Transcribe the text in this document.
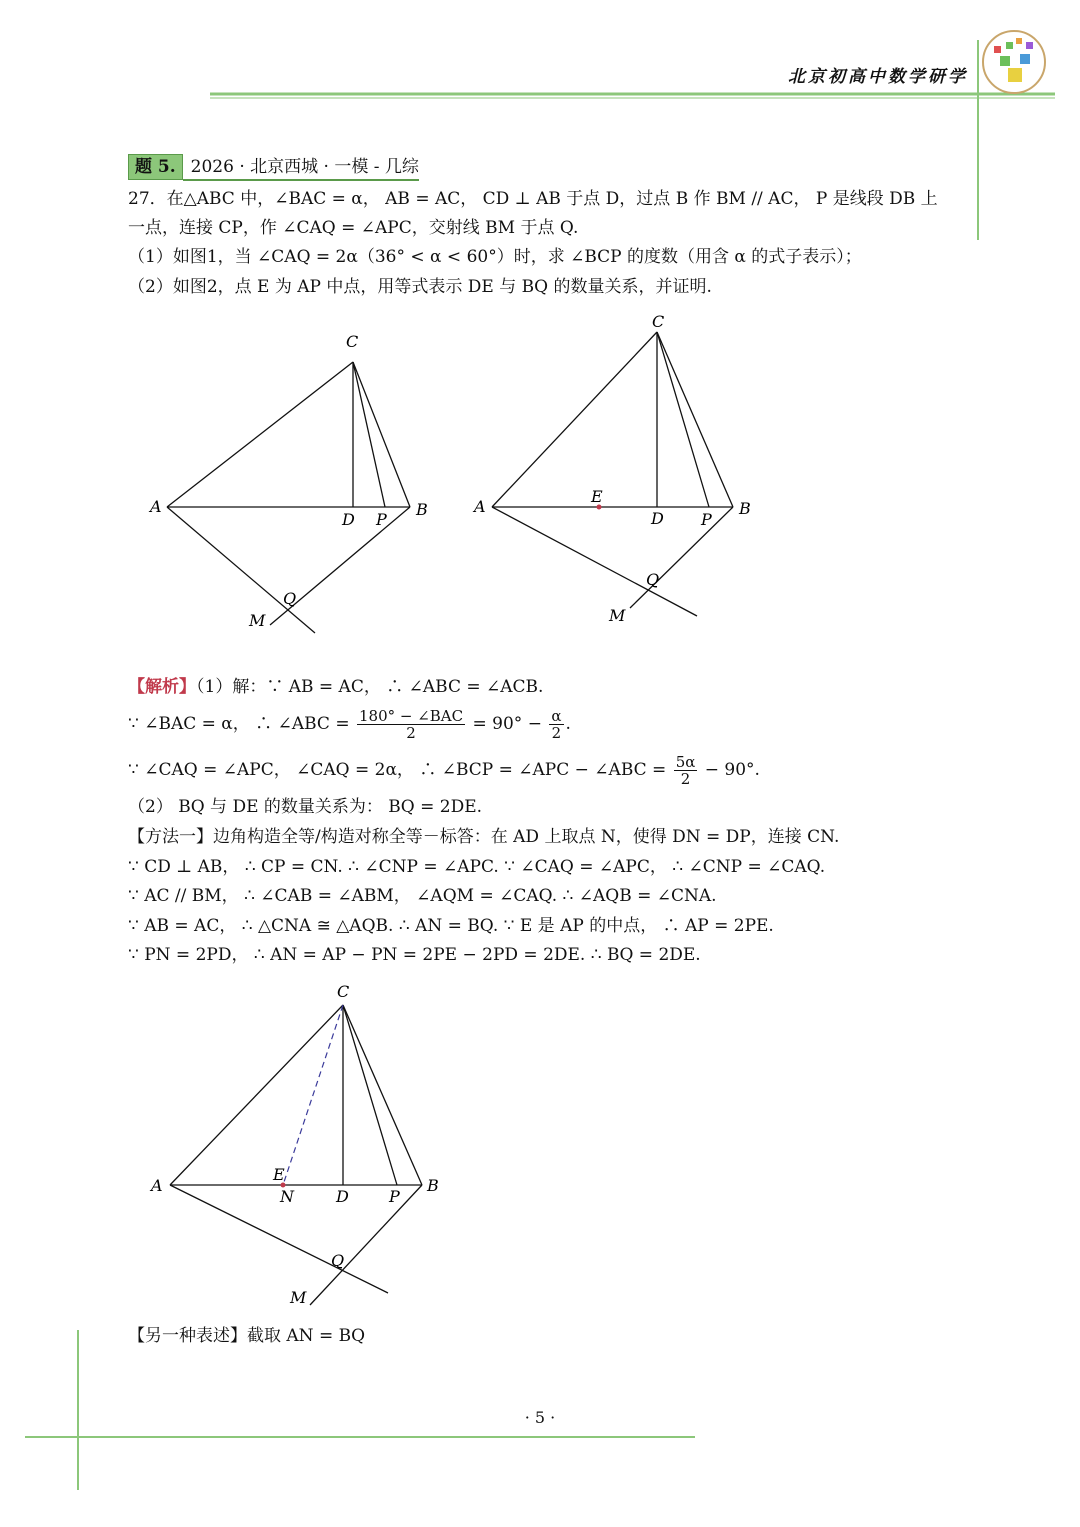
北京初高中数学研学
题 5. 2026 · 北京西城 · 一模 - 几综
27．在△ABC 中，∠BAC = α， AB = AC， CD ⊥ AB 于点 D，过点 B 作 BM // AC， P 是线段 DB 上
一点，连接 CP，作 ∠CAQ = ∠APC，交射线 BM 于点 Q.
（1）如图1，当 ∠CAQ = 2α（36° < α < 60°）时，求 ∠BCP 的度数（用含 α 的式子表示）；
（2）如图2，点 E 为 AP 中点，用等式表示 DE 与 BQ 的数量关系，并证明.
C
A
D P
B
Q
M
C
A
E
D P
B
Q
M
【解析】（1）解：∵ AB = AC， ∴ ∠ABC = ∠ACB.
∵ ∠BAC = α， ∴ ∠ABC = $\frac{\text{180° − ∠BAC}}{2} = 90^\circ - \frac{\alpha}{2}$ .
∵ ∠CAQ = ∠APC， ∠CAQ = 2α， ∴ ∠BCP = ∠APC − ∠ABC = $\frac{5\alpha}{2} - 90^\circ$.
（2） BQ 与 DE 的数量关系为： BQ = 2DE.
【方法一】边角构造全等/构造对称全等－标答：在 AD 上取点 N，使得 DN = DP，连接 CN.
∵ CD ⊥ AB， ∴ CP = CN. ∴ ∠CNP = ∠APC. ∵ ∠CAQ = ∠APC， ∴ ∠CNP = ∠CAQ.
∵ AC // BM， ∴ ∠CAB = ∠ABM， ∠AQM = ∠CAQ. ∴ ∠AQB = ∠CNA.
∵ AB = AC， ∴ △CNA ≅ △AQB. ∴ AN = BQ. ∵ E 是 AP 的中点， ∴ AP = 2PE.
∵ PN = 2PD， ∴ AN = AP − PN = 2PE − 2PD = 2DE. ∴ BQ = 2DE.
C
A
E
N	D	P
B
Q
M
【另一种表述】截取 AN = BQ
· 5 ·
